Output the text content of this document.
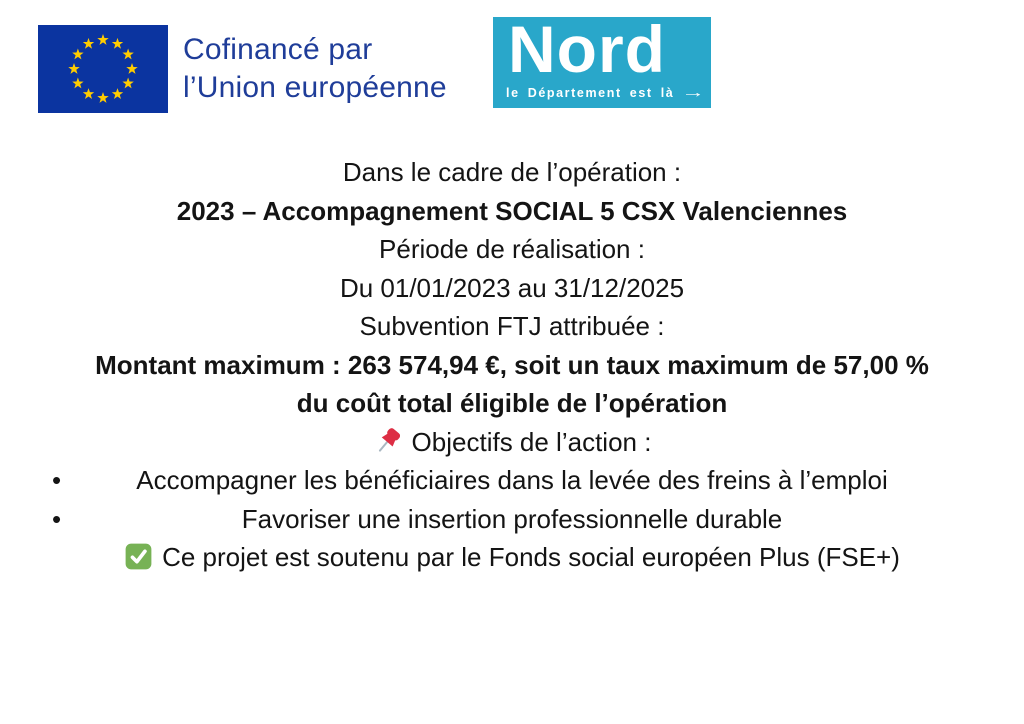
Cofinancé par
l’Union européenne
Nord
le Département est là →
Dans le cadre de l’opération :
2023 – Accompagnement SOCIAL 5 CSX Valenciennes
Période de réalisation :
Du 01/01/2023 au 31/12/2025
Subvention FTJ attribuée :
Montant maximum : 263 574,94 €, soit un taux maximum de 57,00 %
du coût total éligible de l’opération
Objectifs de l’action :
•	Accompagner les bénéficiaires dans la levée des freins à l’emploi
•	Favoriser une insertion professionnelle durable
Ce projet est soutenu par le Fonds social européen Plus (FSE+)
